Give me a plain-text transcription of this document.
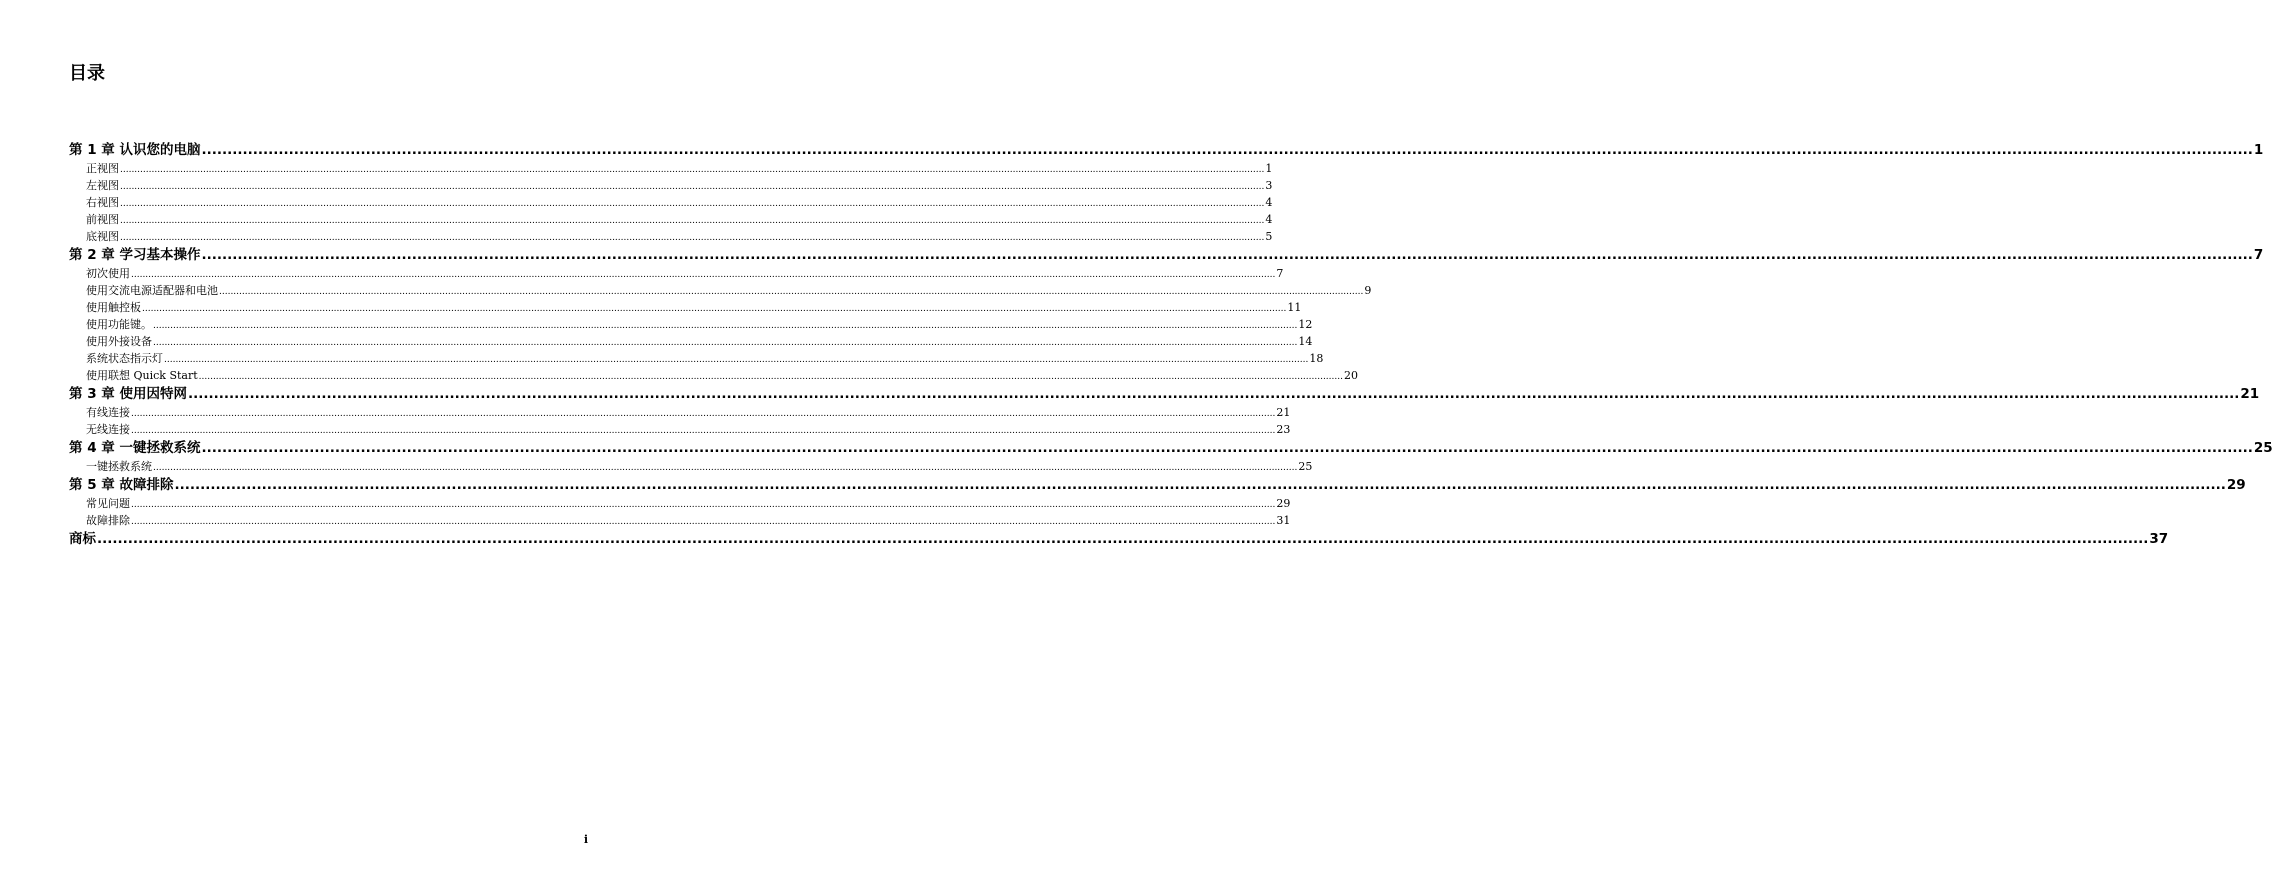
目录
第 1 章 认识您的电脑 ................................................................................................................................................................................................................................................................................................................................................................................................................ 1
正视图 ................................................................................................................................................................................................................................................................................................................................................................................................................ 1
左视图 ................................................................................................................................................................................................................................................................................................................................................................................................................ 3
右视图 ................................................................................................................................................................................................................................................................................................................................................................................................................ 4
前视图 ................................................................................................................................................................................................................................................................................................................................................................................................................ 4
底视图 ................................................................................................................................................................................................................................................................................................................................................................................................................ 5
第 2 章 学习基本操作 ................................................................................................................................................................................................................................................................................................................................................................................................................ 7
初次使用 ................................................................................................................................................................................................................................................................................................................................................................................................................ 7
使用交流电源适配器和电池 ................................................................................................................................................................................................................................................................................................................................................................................................................ 9
使用触控板 ................................................................................................................................................................................................................................................................................................................................................................................................................ 11
使用功能键。 ................................................................................................................................................................................................................................................................................................................................................................................................................ 12
使用外接设备 ................................................................................................................................................................................................................................................................................................................................................................................................................ 14
系统状态指示灯 ................................................................................................................................................................................................................................................................................................................................................................................................................ 18
使用联想 Quick Start ................................................................................................................................................................................................................................................................................................................................................................................................................ 20
第 3 章 使用因特网 ................................................................................................................................................................................................................................................................................................................................................................................................................ 21
有线连接 ................................................................................................................................................................................................................................................................................................................................................................................................................ 21
无线连接 ................................................................................................................................................................................................................................................................................................................................................................................................................ 23
第 4 章 一键拯救系统 ................................................................................................................................................................................................................................................................................................................................................................................................................ 25
一键拯救系统 ................................................................................................................................................................................................................................................................................................................................................................................................................ 25
第 5 章 故障排除 ................................................................................................................................................................................................................................................................................................................................................................................................................ 29
常见问题 ................................................................................................................................................................................................................................................................................................................................................................................................................ 29
故障排除 ................................................................................................................................................................................................................................................................................................................................................................................................................ 31
商标 ................................................................................................................................................................................................................................................................................................................................................................................................................ 37
i
